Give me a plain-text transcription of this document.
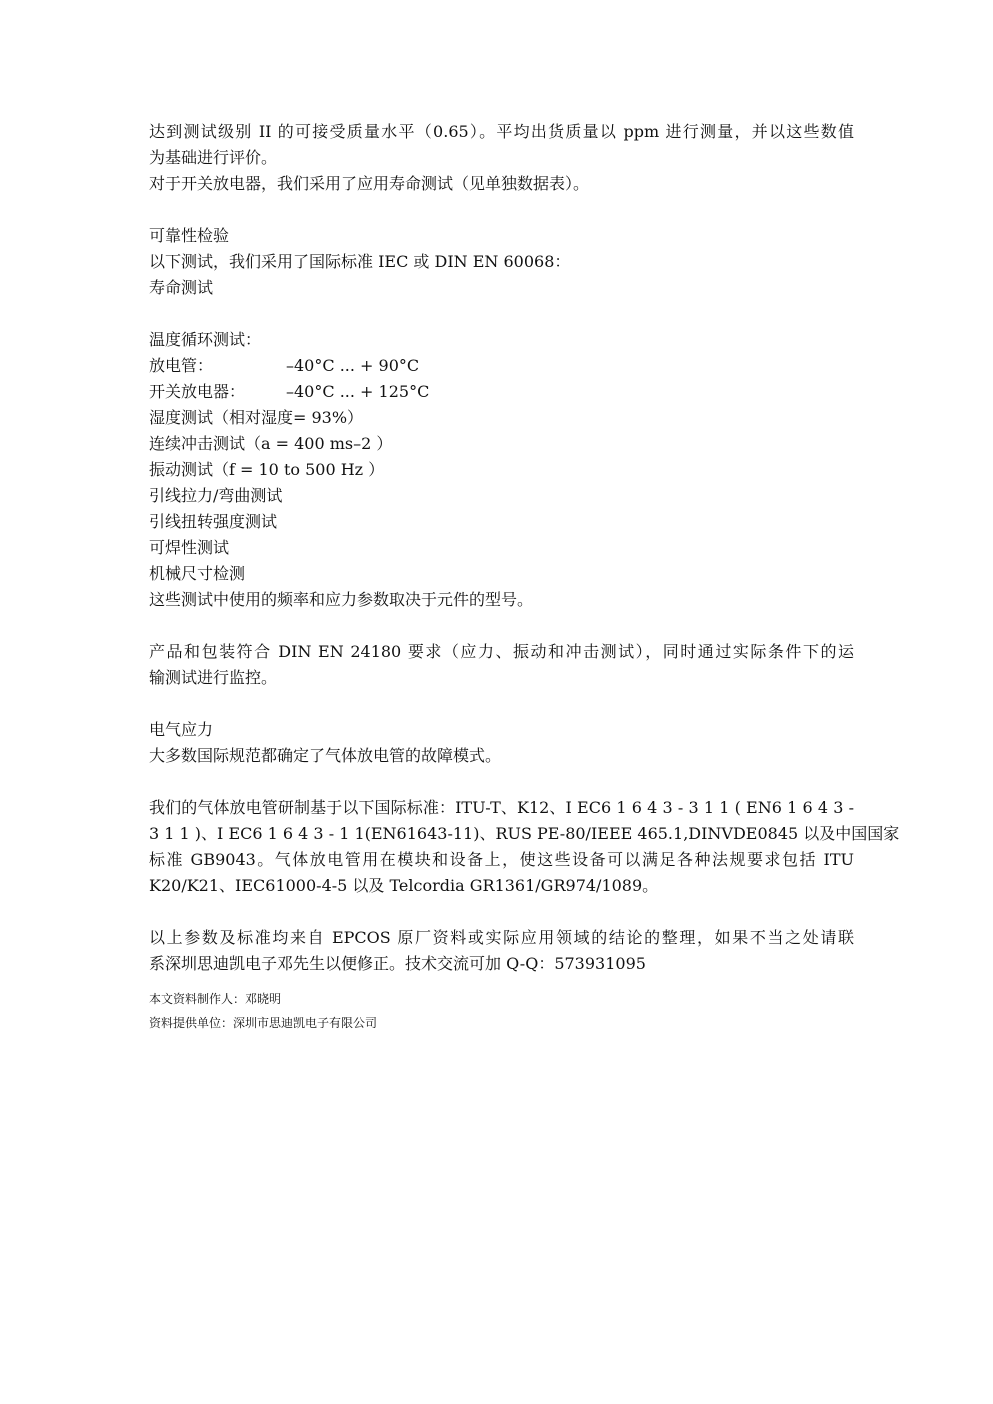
达到测试级别 II 的可接受质量水平（0.65）。平均出货质量以 ppm 进行测量，并以这些数值
为基础进行评价。
对于开关放电器，我们采用了应用寿命测试（见单独数据表）。
可靠性检验
以下测试，我们采用了国际标准 IEC 或 DIN EN 60068：
寿命测试
温度循环测试：
放电管：	–40°C ... + 90°C
开关放电器：	–40°C ... + 125°C
湿度测试（相对湿度= 93%）
连续冲击测试（a = 400 ms–2 ）
振动测试（f = 10 to 500 Hz ）
引线拉力/弯曲测试
引线扭转强度测试
可焊性测试
机械尺寸检测
这些测试中使用的频率和应力参数取决于元件的型号。
产品和包装符合 DIN EN 24180 要求（应力、振动和冲击测试），同时通过实际条件下的运
输测试进行监控。
电气应力
大多数国际规范都确定了气体放电管的故障模式。
我们的气体放电管研制基于以下国际标准：ITU-T、K12、I EC6 1 6 4 3 - 3 1 1 ( EN6 1 6 4 3 -
3 1 1 )、I EC6 1 6 4 3 - 1 1(EN61643-11)、RUS PE-80/IEEE 465.1,DINVDE0845 以及中国国家
标准 GB9043。气体放电管用在模块和设备上，使这些设备可以满足各种法规要求包括 ITU
K20/K21、IEC61000-4-5 以及 Telcordia GR1361/GR974/1089。
以上参数及标准均来自 EPCOS 原厂资料或实际应用领域的结论的整理，如果不当之处请联
系深圳思迪凯电子邓先生以便修正。技术交流可加 Q-Q：573931095
本文资料制作人：邓晓明
资料提供单位：深圳市思迪凯电子有限公司
